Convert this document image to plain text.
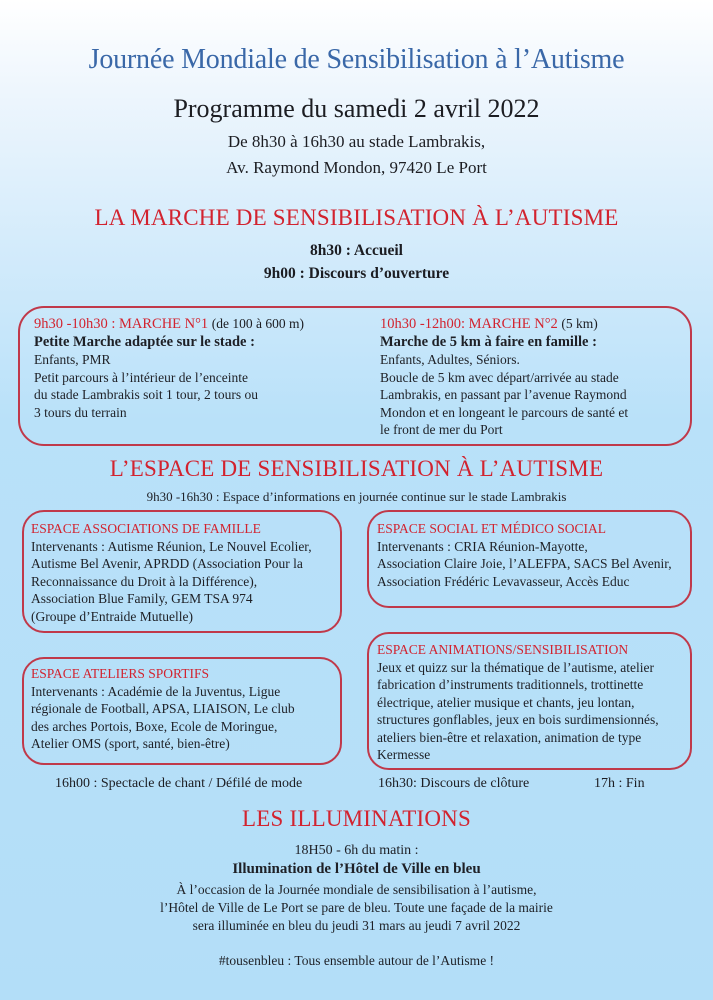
Journée Mondiale de Sensibilisation à l’Autisme
Programme du samedi 2 avril 2022
De 8h30 à 16h30 au stade Lambrakis,
Av. Raymond Mondon, 97420 Le Port
LA MARCHE DE SENSIBILISATION À L’AUTISME
8h30 : Accueil
9h00 : Discours d’ouverture
9h30 -10h30 : MARCHE N°1 (de 100 à 600 m)
Petite Marche adaptée sur le stade :
Enfants, PMR
Petit parcours à l’intérieur de l’enceinte
du stade Lambrakis soit 1 tour, 2 tours ou
3 tours du terrain
10h30 -12h00: MARCHE N°2 (5 km)
Marche de 5 km à faire en famille :
Enfants, Adultes, Séniors.
Boucle de 5 km avec départ/arrivée au stade
Lambrakis, en passant par l’avenue Raymond
Mondon et en longeant le parcours de santé et
le front de mer du Port
L’ESPACE DE SENSIBILISATION À L’AUTISME
9h30 -16h30 : Espace d’informations en journée continue sur le stade Lambrakis
ESPACE ASSOCIATIONS DE FAMILLE
Intervenants : Autisme Réunion, Le Nouvel Ecolier,
Autisme Bel Avenir, APRDD (Association Pour la
Reconnaissance du Droit à la Différence),
Association Blue Family, GEM TSA 974
(Groupe d’Entraide Mutuelle)
ESPACE SOCIAL ET MÉDICO SOCIAL
Intervenants : CRIA Réunion-Mayotte,
Association Claire Joie, l’ALEFPA, SACS Bel Avenir,
Association Frédéric Levavasseur, Accès Educ
ESPACE ATELIERS SPORTIFS
Intervenants : Académie de la Juventus, Ligue
régionale de Football, APSA, LIAISON, Le club
des arches Portois, Boxe, Ecole de Moringue,
Atelier OMS (sport, santé, bien-être)
ESPACE ANIMATIONS/SENSIBILISATION
Jeux et quizz sur la thématique de l’autisme, atelier
fabrication d’instruments traditionnels, trottinette
électrique, atelier musique et chants, jeu lontan,
structures gonflables, jeux en bois surdimensionnés,
ateliers bien-être et relaxation, animation de type
Kermesse
16h00 : Spectacle de chant / Défilé de mode	16h30: Discours de clôture	17h : Fin
LES ILLUMINATIONS
18H50 - 6h du matin :
Illumination de l’Hôtel de Ville en bleu
À l’occasion de la Journée mondiale de sensibilisation à l’autisme,
l’Hôtel de Ville de Le Port se pare de bleu. Toute une façade de la mairie
sera illuminée en bleu du jeudi 31 mars au jeudi 7 avril 2022
#tousenbleu : Tous ensemble autour de l’Autisme !
